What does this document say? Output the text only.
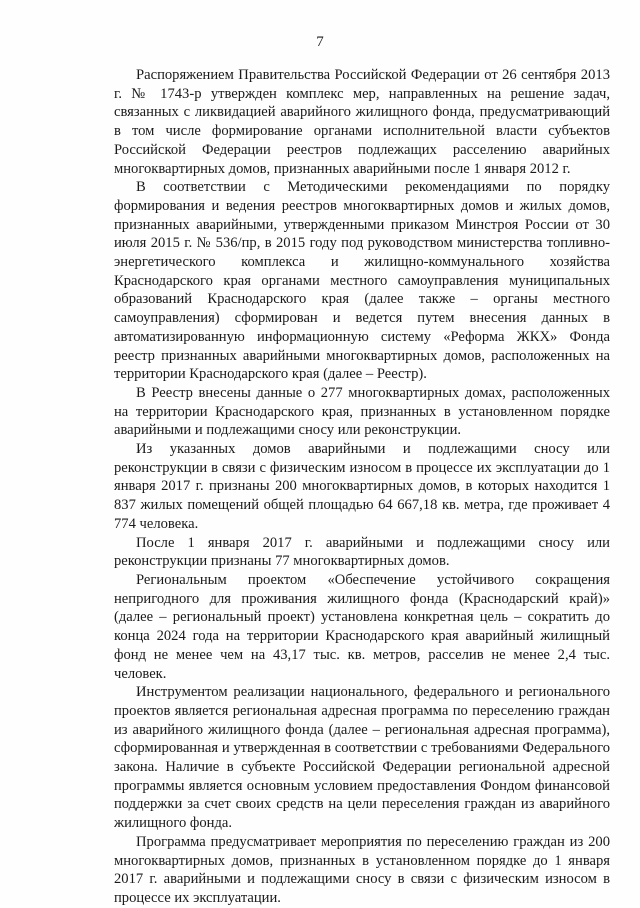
7

Распоряжением Правительства Российской Федерации от 26 сентября 2013 г. № 1743-р утвержден комплекс мер, направленных на решение задач, связанных с ликвидацией аварийного жилищного фонда, предусматривающий в том числе формирование органами исполнительной власти субъектов Российской Федерации реестров подлежащих расселению аварийных многоквартирных домов, признанных аварийными после 1 января 2012 г.

В соответствии с Методическими рекомендациями по порядку формирования и ведения реестров многоквартирных домов и жилых домов, признанных аварийными, утвержденными приказом Минстроя России от 30 июля 2015 г. № 536/пр, в 2015 году под руководством министерства топливно-энергетического комплекса и жилищно-коммунального хозяйства Краснодарского края органами местного самоуправления муниципальных образований Краснодарского края (далее также – органы местного самоуправления) сформирован и ведется путем внесения данных в автоматизированную информационную систему «Реформа ЖКХ» Фонда реестр признанных аварийными многоквартирных домов, расположенных на территории Краснодарского края (далее – Реестр).

В Реестр внесены данные о 277 многоквартирных домах, расположенных на территории Краснодарского края, признанных в установленном порядке аварийными и подлежащими сносу или реконструкции.

Из указанных домов аварийными и подлежащими сносу или реконструкции в связи с физическим износом в процессе их эксплуатации до 1 января 2017 г. признаны 200 многоквартирных домов, в которых находится 1 837 жилых помещений общей площадью 64 667,18 кв. метра, где проживает 4 774 человека.

После 1 января 2017 г. аварийными и подлежащими сносу или реконструкции признаны 77 многоквартирных домов.

Региональным проектом «Обеспечение устойчивого сокращения непригодного для проживания жилищного фонда (Краснодарский край)» (далее – региональный проект) установлена конкретная цель – сократить до конца 2024 года на территории Краснодарского края аварийный жилищный фонд не менее чем на 43,17 тыс. кв. метров, расселив не менее 2,4 тыс. человек.

Инструментом реализации национального, федерального и регионального проектов является региональная адресная программа по переселению граждан из аварийного жилищного фонда (далее – региональная адресная программа), сформированная и утвержденная в соответствии с требованиями Федерального закона. Наличие в субъекте Российской Федерации региональной адресной программы является основным условием предоставления Фондом финансовой поддержки за счет своих средств на цели переселения граждан из аварийного жилищного фонда.

Программа предусматривает мероприятия по переселению граждан из 200 многоквартирных домов, признанных в установленном порядке до 1 января 2017 г. аварийными и подлежащими сносу в связи с физическим износом в процессе их эксплуатации.
